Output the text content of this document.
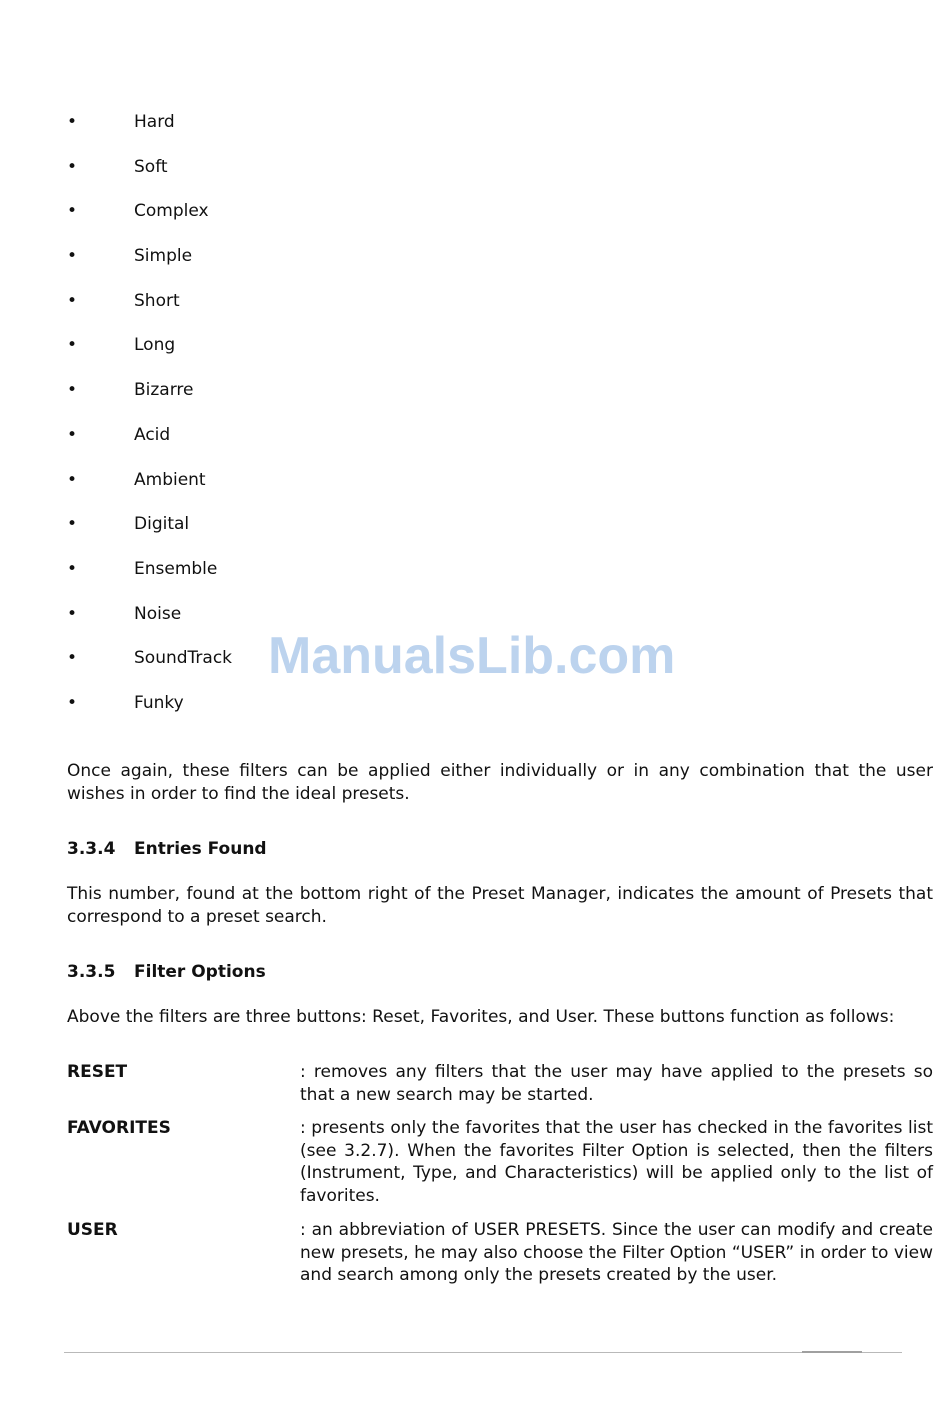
•	Hard
•	Soft
•	Complex
•	Simple
•	Short
•	Long
•	Bizarre
•	Acid
•	Ambient
•	Digital
•	Ensemble
•	Noise
•	SoundTrack
•	Funky
ManualsLib.com

Once again, these filters can be applied either individually or in any combination that the user wishes in order to find the ideal presets.

3.3.4 Entries Found

This number, found at the bottom right of the Preset Manager, indicates the amount of Presets that correspond to a preset search.

3.3.5 Filter Options

Above the filters are three buttons: Reset, Favorites, and User. These buttons function as follows:

RESET	: removes any filters that the user may have applied to the presets so that a new search may be started.

FAVORITES	: presents only the favorites that the user has checked in the favorites list (see 3.2.7). When the favorites Filter Option is selected, then the filters (Instrument, Type, and Characteristics) will be applied only to the list of favorites.

USER	: an abbreviation of USER PRESETS. Since the user can modify and create new presets, he may also choose the Filter Option “USER” in order to view and search among only the presets created by the user.
